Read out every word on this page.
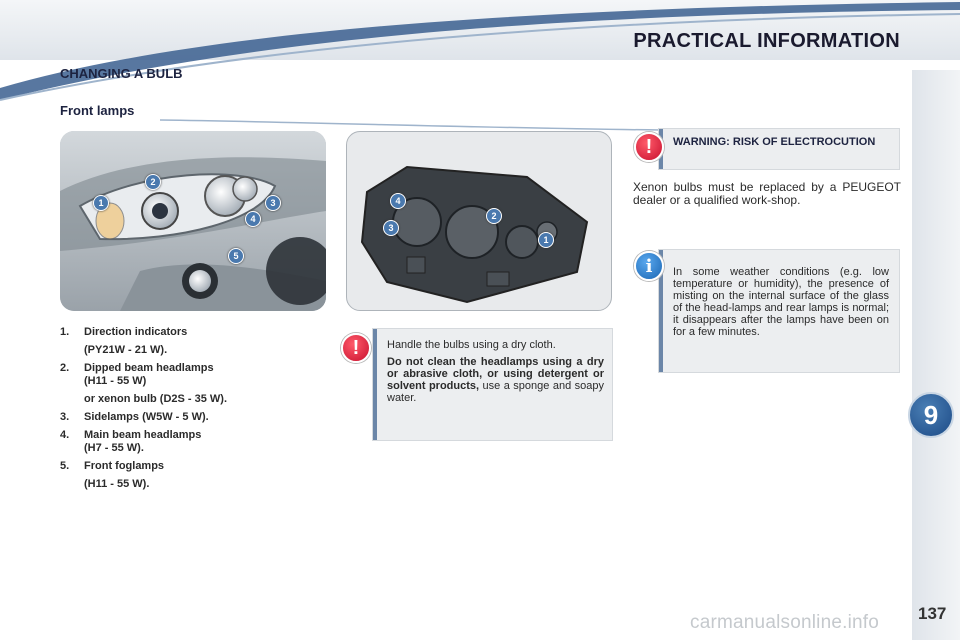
PRACTICAL INFORMATION
9
137
CHANGING A BULB
Front lamps
1
2
3
4
5
4
3
2
1
1.	Direction indicators
(PY21W - 21 W).
2.	Dipped beam headlamps
(H11 - 55 W)
or xenon bulb (D2S - 35 W).
3.	Sidelamps (W5W - 5 W).
4.	Main beam headlamps
(H7 - 55 W).
5.	Front foglamps
(H11 - 55 W).

Handle the bulbs using a dry cloth.

Do not clean the headlamps using a dry or abrasive cloth, or using detergent or solvent products, use a sponge and soapy water.

!
WARNING: RISK OF ELECTROCUTION
!
Xenon bulbs must be replaced by a PEUGEOT dealer or a qualified work-shop.
In some weather conditions (e.g. low temperature or humidity), the presence of misting on the internal surface of the glass of the head-lamps and rear lamps is normal; it disappears after the lamps have been on for a few minutes.
i
carmanualsonline.info
